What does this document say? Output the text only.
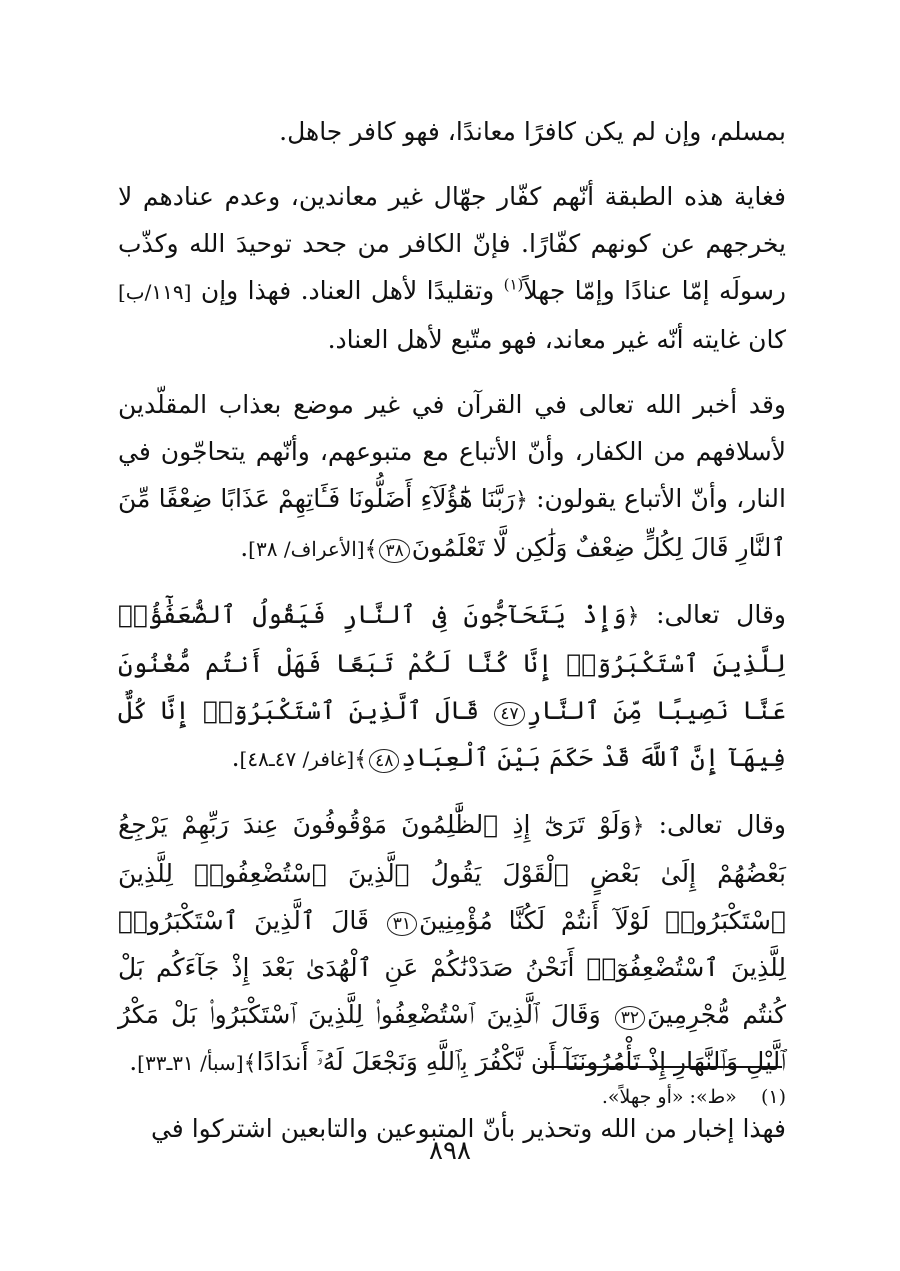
بمسلم، وإن لم يكن كافرًا معاندًا، فهو كافر جاهل.

فغاية هذه الطبقة أنّهم كفّار جهّال غير معاندين، وعدم عنادهم لا يخرجهم عن كونهم كفّارًا. فإنّ الكافر من جحد توحيدَ الله وكذّب رسولَه إمّا عنادًا وإمّا جهلاً$^{(١)}$ وتقليدًا لأهل العناد. فهذا وإن [١١٩/ب] كان غايته أنّه غير معاند، فهو متّبع لأهل العناد.

وقد أخبر الله تعالى في القرآن في غير موضع بعذاب المقلّدين لأسلافهم من الكفار، وأنّ الأتباع مع متبوعهم، وأنّهم يتحاجّون في النار، وأنّ الأتباع يقولون: ﴿رَبَّنَا هَٰٓؤُلَآءِ أَضَلُّونَا فَـَٔاتِهِمْ عَذَابًا ضِعْفًا مِّنَ ٱلنَّارِ قَالَ لِكُلٍّ ضِعْفٌ وَلَٰكِن لَّا تَعْلَمُونَ٣٨﴾[الأعراف/ ٣٨].

وقال تعالى: ﴿وَإِذْ يَتَحَآجُّونَ فِى ٱلنَّارِ فَيَقُولُ ٱلضُّعَفَٰٓؤُا۟ لِلَّذِينَ ٱسْتَكْبَرُوٓا۟ إِنَّا كُنَّا لَكُمْ تَبَعًا فَهَلْ أَنتُم مُّغْنُونَ عَنَّا نَصِيبًا مِّنَ ٱلنَّارِ٤٧ قَالَ ٱلَّذِينَ ٱسْتَكْبَرُوٓا۟ إِنَّا كُلٌّ فِيهَآ إِنَّ ٱللَّهَ قَدْ حَكَمَ بَيْنَ ٱلْعِبَادِ٤٨﴾[غافر/ ٤٧ـ٤٨].

وقال تعالى: ﴿وَلَوْ تَرَىٰٓ إِذِ ٱلظَّٰلِمُونَ مَوْقُوفُونَ عِندَ رَبِّهِمْ يَرْجِعُ بَعْضُهُمْ إِلَىٰ بَعْضٍ ٱلْقَوْلَ يَقُولُ ٱلَّذِينَ ٱسْتُضْعِفُوا۟ لِلَّذِينَ ٱسْتَكْبَرُوا۟ لَوْلَآ أَنتُمْ لَكُنَّا مُؤْمِنِينَ٣١ قَالَ ٱلَّذِينَ ٱسْتَكْبَرُوا۟ لِلَّذِينَ ٱسْتُضْعِفُوٓا۟ أَنَحْنُ صَدَدْنَٰكُمْ عَنِ ٱلْهُدَىٰ بَعْدَ إِذْ جَآءَكُم بَلْ كُنتُم مُّجْرِمِينَ٣٢ وَقَالَ ٱلَّذِينَ ٱسْتُضْعِفُوا۟ لِلَّذِينَ ٱسْتَكْبَرُوا۟ بَلْ مَكْرُ ٱلَّيْلِ وَٱلنَّهَارِ إِذْ تَأْمُرُونَنَآ أَن نَّكْفُرَ بِٱللَّهِ وَنَجْعَلَ لَهُۥٓ أَندَادًا﴾[سبأ/ ٣١ـ٣٣].

فهذا إخبار من الله وتحذير بأنّ المتبوعين والتابعين اشتركوا في

(١)    «ط»: «أو جهلاً».
٨٩٨
